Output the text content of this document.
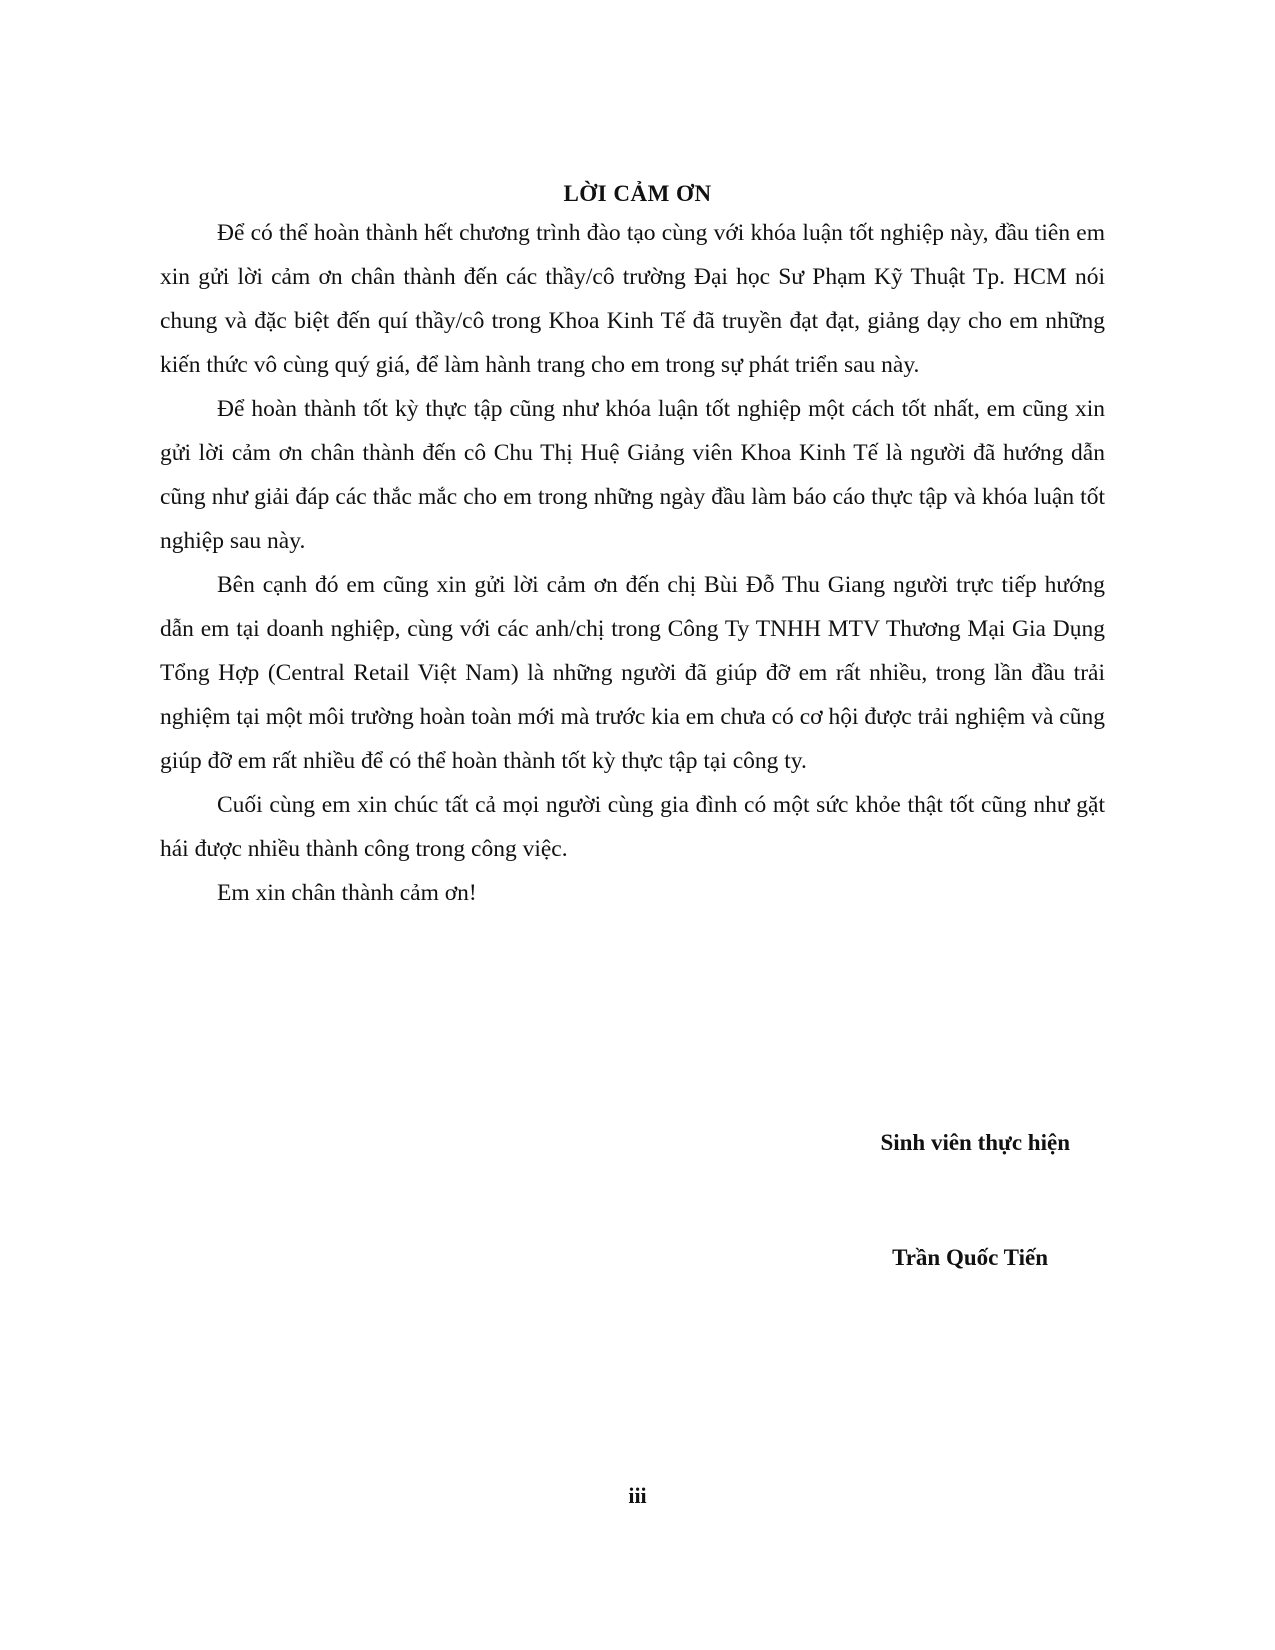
LỜI CẢM ƠN

Để có thể hoàn thành hết chương trình đào tạo cùng với khóa luận tốt nghiệp này, đầu tiên em xin gửi lời cảm ơn chân thành đến các thầy/cô trường Đại học Sư Phạm Kỹ Thuật Tp. HCM nói chung và đặc biệt đến quí thầy/cô trong Khoa Kinh Tế đã truyền đạt đạt, giảng dạy cho em những kiến thức vô cùng quý giá, để làm hành trang cho em trong sự phát triển sau này.

Để hoàn thành tốt kỳ thực tập cũng như khóa luận tốt nghiệp một cách tốt nhất, em cũng xin gửi lời cảm ơn chân thành đến cô Chu Thị Huệ Giảng viên Khoa Kinh Tế là người đã hướng dẫn cũng như giải đáp các thắc mắc cho em trong những ngày đầu làm báo cáo thực tập và khóa luận tốt nghiệp sau này.

Bên cạnh đó em cũng xin gửi lời cảm ơn đến chị Bùi Đỗ Thu Giang người trực tiếp hướng dẫn em tại doanh nghiệp, cùng với các anh/chị trong Công Ty TNHH MTV Thương Mại Gia Dụng Tổng Hợp (Central Retail Việt Nam) là những người đã giúp đỡ em rất nhiều, trong lần đầu trải nghiệm tại một môi trường hoàn toàn mới mà trước kia em chưa có cơ hội được trải nghiệm và cũng giúp đỡ em rất nhiều để có thể hoàn thành tốt kỳ thực tập tại công ty.

Cuối cùng em xin chúc tất cả mọi người cùng gia đình có một sức khỏe thật tốt cũng như gặt hái được nhiều thành công trong công việc.

Em xin chân thành cảm ơn!

Sinh viên thực hiện
Trần Quốc Tiến
iii
